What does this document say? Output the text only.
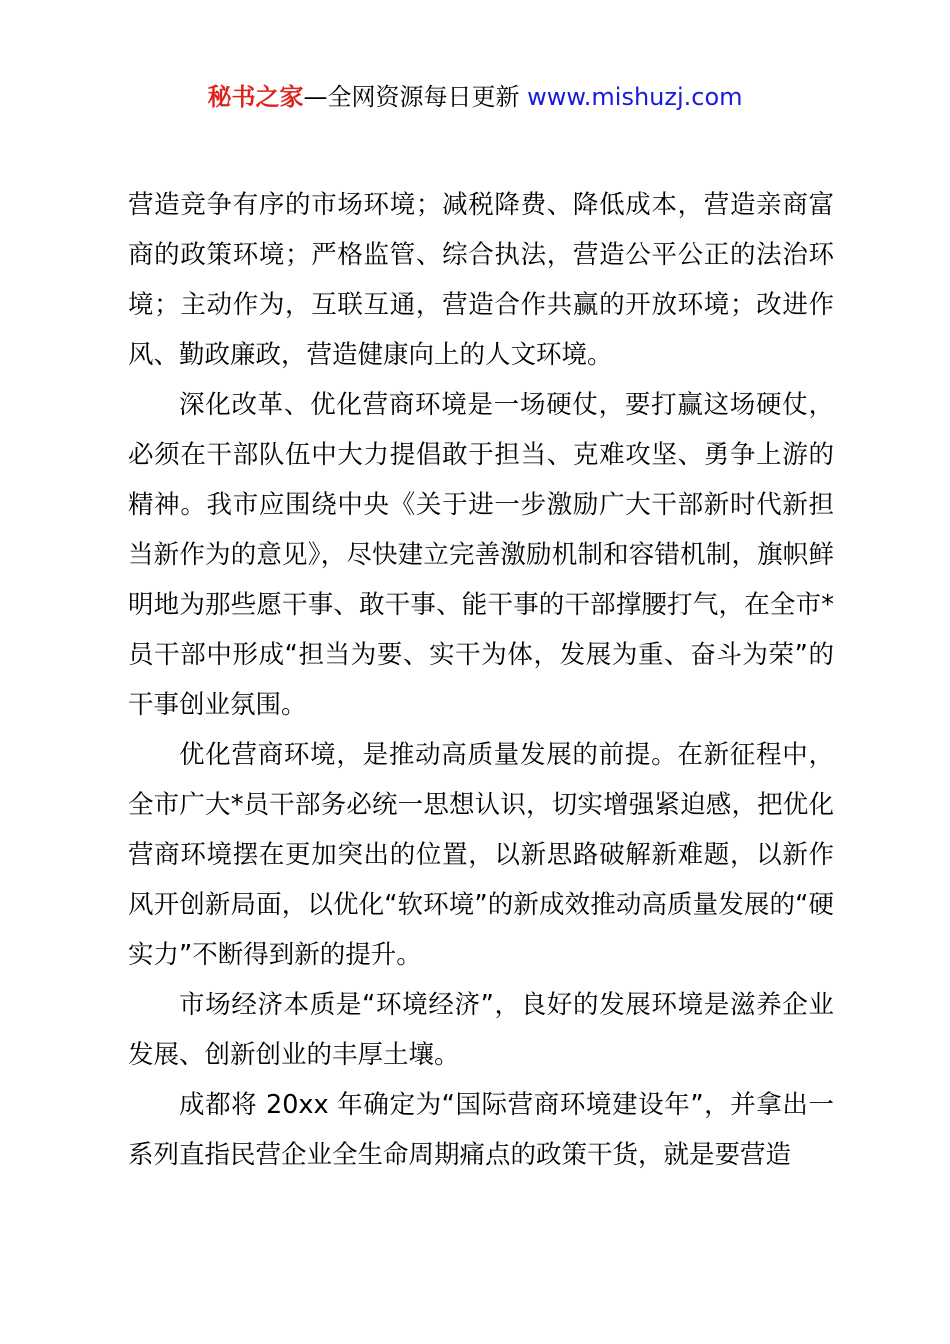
秘书之家—全网资源每日更新 www.mishuzj.com

营造竞争有序的市场环境；减税降费、降低成本，营造亲商富商的政策环境；严格监管、综合执法，营造公平公正的法治环境；主动作为，互联互通，营造合作共赢的开放环境；改进作风、勤政廉政，营造健康向上的人文环境。

深化改革、优化营商环境是一场硬仗，要打赢这场硬仗，必须在干部队伍中大力提倡敢于担当、克难攻坚、勇争上游的精神。我市应围绕中央《关于进一步激励广大干部新时代新担当新作为的意见》，尽快建立完善激励机制和容错机制，旗帜鲜明地为那些愿干事、敢干事、能干事的干部撑腰打气，在全市*员干部中形成“担当为要、实干为体，发展为重、奋斗为荣”的干事创业氛围。

优化营商环境，是推动高质量发展的前提。在新征程中，全市广大*员干部务必统一思想认识，切实增强紧迫感，把优化营商环境摆在更加突出的位置，以新思路破解新难题，以新作风开创新局面，以优化“软环境”的新成效推动高质量发展的“硬实力”不断得到新的提升。

市场经济本质是“环境经济”，良好的发展环境是滋养企业发展、创新创业的丰厚土壤。

成都将 20xx 年确定为“国际营商环境建设年”，并拿出一系列直指民营企业全生命周期痛点的政策干货，就是要营造
